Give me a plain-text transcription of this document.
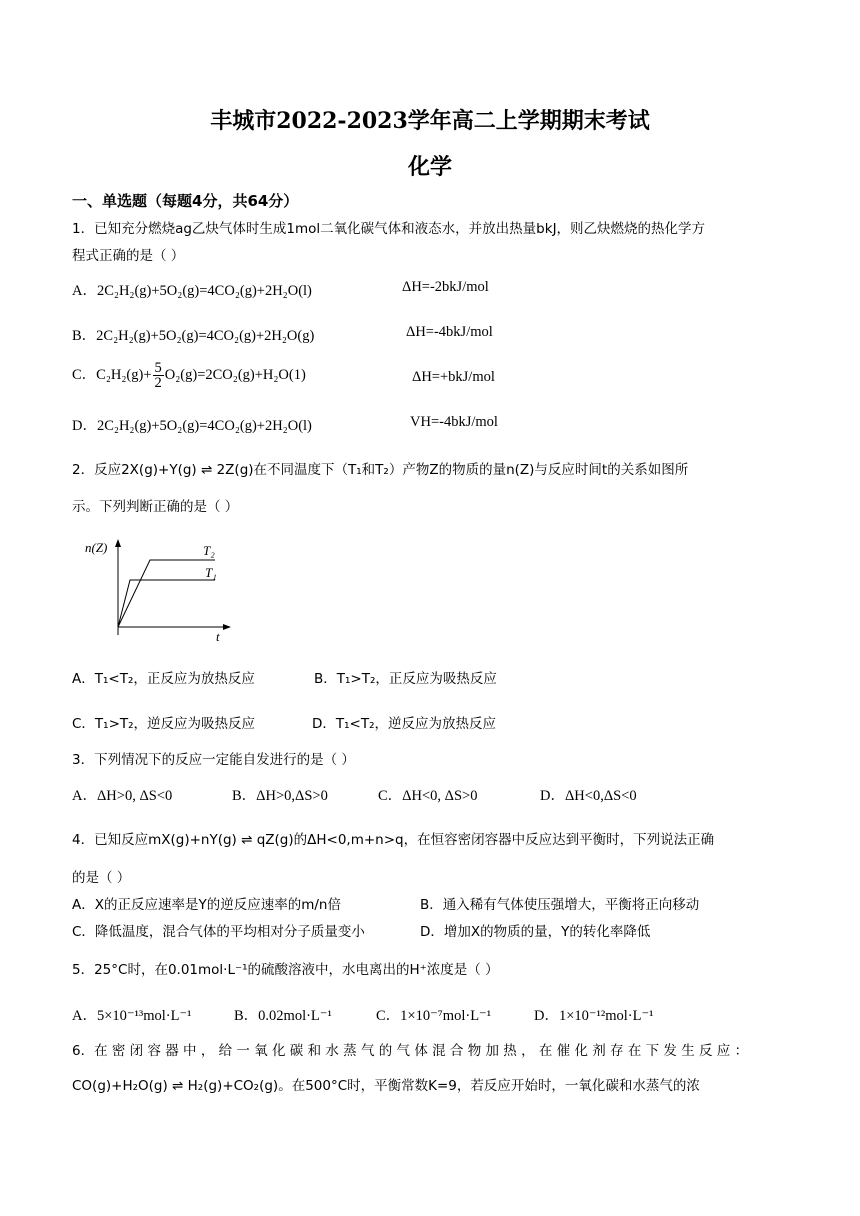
丰城市2022-2023学年高二上学期期末考试
化学
一、单选题（每题4分，共64分）
1．已知充分燃烧ag乙炔气体时生成1mol二氧化碳气体和液态水，并放出热量bkJ，则乙炔燃烧的热化学方
程式正确的是（ ）
A．2C₂H₂(g)+5O₂(g)=4CO₂(g)+2H₂O(l)	ΔH=-2bkJ/mol
B．2C₂H₂(g)+5O₂(g)=4CO₂(g)+2H₂O(g)	ΔH=-4bkJ/mol
C．$C_2H_2(g)+ \frac{5}{2} O_2(g)=2CO_2(g)+H_2O(1)$	ΔH=+bkJ/mol
D．2C₂H₂(g)+5O₂(g)=4CO₂(g)+2H₂O(l)	VH=-4bkJ/mol
2．反应2X(g)+Y(g) ⇌ 2Z(g)在不同温度下（T₁和T₂）产物Z的物质的量n(Z)与反应时间t的关系如图所
示。下列判断正确的是（ ）
n(Z)	T₂
T₁
t
A．T₁<T₂，正反应为放热反应	B．T₁>T₂，正反应为吸热反应
C．T₁>T₂，逆反应为吸热反应	D．T₁<T₂，逆反应为放热反应
3．下列情况下的反应一定能自发进行的是（ ）
A．ΔH>0, ΔS<0	B．ΔH>0,ΔS>0	C．ΔH<0, ΔS>0	D．ΔH<0,ΔS<0
4．已知反应mX(g)+nY(g) ⇌ qZ(g)的ΔH<0,m+n>q，在恒容密闭容器中反应达到平衡时，下列说法正确
的是（ ）
A．X的正反应速率是Y的逆反应速率的m/n倍	B．通入稀有气体使压强增大，平衡将正向移动
C．降低温度，混合气体的平均相对分子质量变小	D．增加X的物质的量，Y的转化率降低
5．25°C时，在0.01mol·L⁻¹的硫酸溶液中，水电离出的H⁺浓度是（ ）
A．5×10⁻¹³mol·L⁻¹	B．0.02mol·L⁻¹	C．1×10⁻⁷mol·L⁻¹	D．1×10⁻¹²mol·L⁻¹
6．在 密 闭 容 器 中 ， 给 一 氧 化 碳 和 水 蒸 气 的 气 体 混 合 物 加 热 ， 在 催 化 剂 存 在 下 发 生 反 应 ：
CO(g)+H₂O(g) ⇌ H₂(g)+CO₂(g)。在500°C时，平衡常数K=9，若反应开始时，一氧化碳和水蒸气的浓
